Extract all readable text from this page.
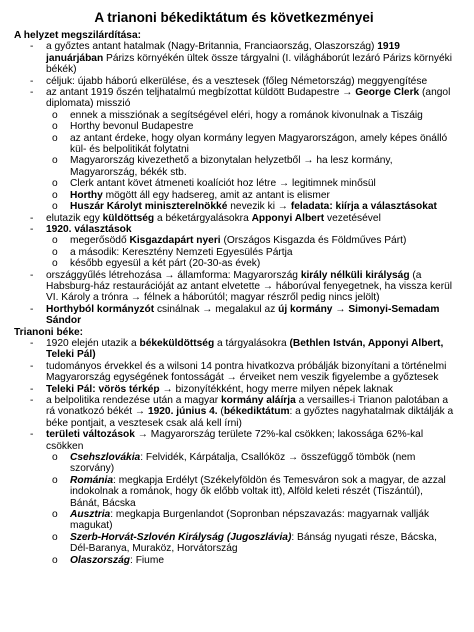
A trianoni békediktátum és következményei
A helyzet megszilárdítása:
- a győztes antant hatalmak (Nagy-Britannia, Franciaország, Olaszország) 1919 januárjában Párizs környékén ültek össze tárgyalni (I. világháborút lezáró Párizs környéki békék)
- céljuk: újabb háború elkerülése, és a vesztesek (főleg Németország) meggyengítése
- az antant 1919 őszén teljhatalmú megbízottat küldött Budapestre → George Clerk (angol diplomata) misszió
o ennek a missziónak a segítségével eléri, hogy a románok kivonulnak a Tiszáig
o Horthy bevonul Budapestre
o az antant érdeke, hogy olyan kormány legyen Magyarországon, amely képes önálló kül- és belpolitikát folytatni
o Magyarország kivezethető a bizonytalan helyzetből → ha lesz kormány, Magyarország, békék stb.
o Clerk antant követ átmeneti koalíciót hoz létre → legitimnek minősül
o Horthy mögött áll egy hadsereg, amit az antant is elismer
o Huszár Károlyt miniszterelnökké nevezik ki → feladata: kiírja a választásokat
- elutazik egy küldöttség a béketárgyalásokra Apponyi Albert vezetésével
- 1920. választások
o megerősödő Kisgazdapárt nyeri (Országos Kisgazda és Földműves Párt)
o a második: Keresztény Nemzeti Egyesülés Pártja
o később egyesül a két párt (20-30-as évek)
- országgyűlés létrehozása → államforma: Magyarország király nélküli királyság (a Habsburg-ház restaurációját az antant elvetette → háborúval fenyegetnek, ha vissza kerül VI. Károly a trónra → félnek a háborútól; magyar részről pedig nincs jelölt)
- Horthyból kormányzót csinálnak → megalakul az új kormány → Simonyi-Semadam Sándor
Trianoni béke:
- 1920 elején utazik a békeküldöttség a tárgyalásokra (Bethlen István, Apponyi Albert, Teleki Pál)
- tudományos érvekkel és a wilsoni 14 pontra hivatkozva próbálják bizonyítani a történelmi Magyarország egységének fontosságát → érveiket nem veszik figyelembe a győztesek
- Teleki Pál: vörös térkép → bizonyítékként, hogy merre milyen népek laknak
- a belpolitika rendezése után a magyar kormány aláírja a versailles-i Trianon palotában a rá vonatkozó békét → 1920. június 4. (békediktátum: a győztes nagyhatalmak diktálják a béke pontjait, a vesztesek csak alá kell írni)
- területi változások → Magyarország területe 72%-kal csökken; lakossága 62%-kal csökken
o Csehszlovákia: Felvidék, Kárpátalja, Csallóköz → összefüggő tömbök (nem szorvány)
o Románia: megkapja Erdélyt (Székelyföldön és Temesváron sok a magyar, de azzal indokolnak a románok, hogy ők előbb voltak itt), Alföld keleti részét (Tiszántúl), Bánát, Bácska
o Ausztria: megkapja Burgenlandot (Sopronban népszavazás: magyarnak vallják magukat)
o Szerb-Horvát-Szlovén Királyság (Jugoszlávia): Bánság nyugati része, Bácska, Dél-Baranya, Muraköz, Horvátország
o Olaszország: Fiume
